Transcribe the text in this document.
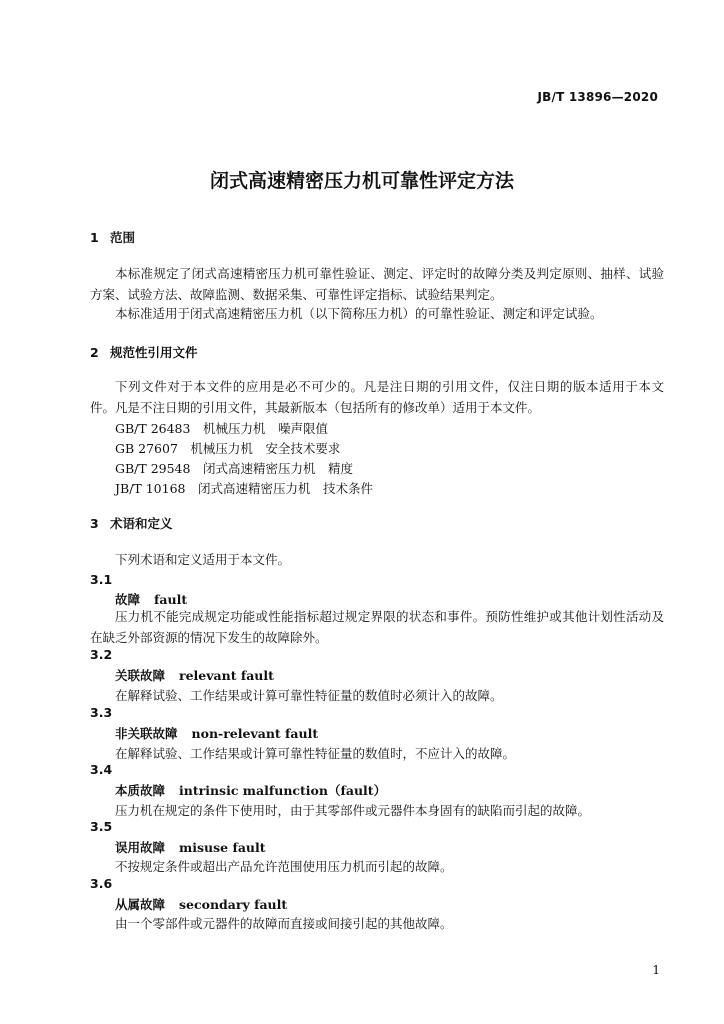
JB/T 13896—2020
闭式高速精密压力机可靠性评定方法
1 范围
本标准规定了闭式高速精密压力机可靠性验证、测定、评定时的故障分类及判定原则、抽样、试验方案、试验方法、故障监测、数据采集、可靠性评定指标、试验结果判定。
本标准适用于闭式高速精密压力机（以下简称压力机）的可靠性验证、测定和评定试验。
2 规范性引用文件
下列文件对于本文件的应用是必不可少的。凡是注日期的引用文件，仅注日期的版本适用于本文件。凡是不注日期的引用文件，其最新版本（包括所有的修改单）适用于本文件。
GB/T 26483　机械压力机　噪声限值
GB 27607　机械压力机　安全技术要求
GB/T 29548　闭式高速精密压力机　精度
JB/T 10168　闭式高速精密压力机　技术条件
3 术语和定义
下列术语和定义适用于本文件。
3.1
故障 fault
压力机不能完成规定功能或性能指标超过规定界限的状态和事件。预防性维护或其他计划性活动及在缺乏外部资源的情况下发生的故障除外。
3.2
关联故障 relevant fault
在解释试验、工作结果或计算可靠性特征量的数值时必须计入的故障。
3.3
非关联故障 non-relevant fault
在解释试验、工作结果或计算可靠性特征量的数值时，不应计入的故障。
3.4
本质故障 intrinsic malfunction（fault）
压力机在规定的条件下使用时，由于其零部件或元器件本身固有的缺陷而引起的故障。
3.5
误用故障 misuse fault
不按规定条件或超出产品允许范围使用压力机而引起的故障。
3.6
从属故障 secondary fault
由一个零部件或元器件的故障而直接或间接引起的其他故障。
1
